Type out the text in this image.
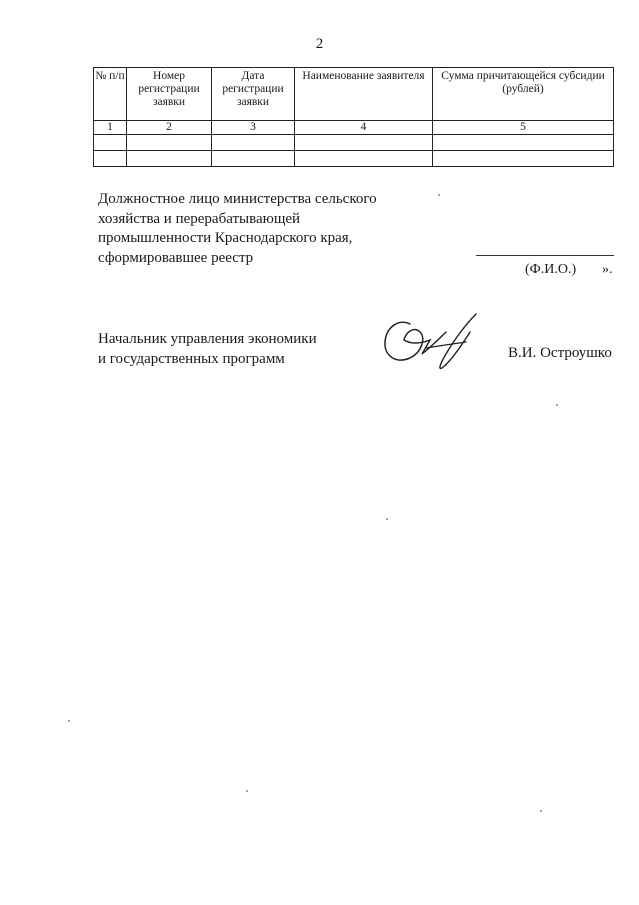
2
№ п/п	Номер регистрации заявки	Дата регистрации заявки	Наименование заявителя	Сумма причитающейся субсидии (рублей)
1	2	3	4	5

Должностное лицо министерства сельского
хозяйства и перерабатывающей
промышленности Краснодарского края,
сформировавшее реестр
(Ф.И.О.) ».
Начальник управления экономики
и государственных программ	В.И. Остроушко
